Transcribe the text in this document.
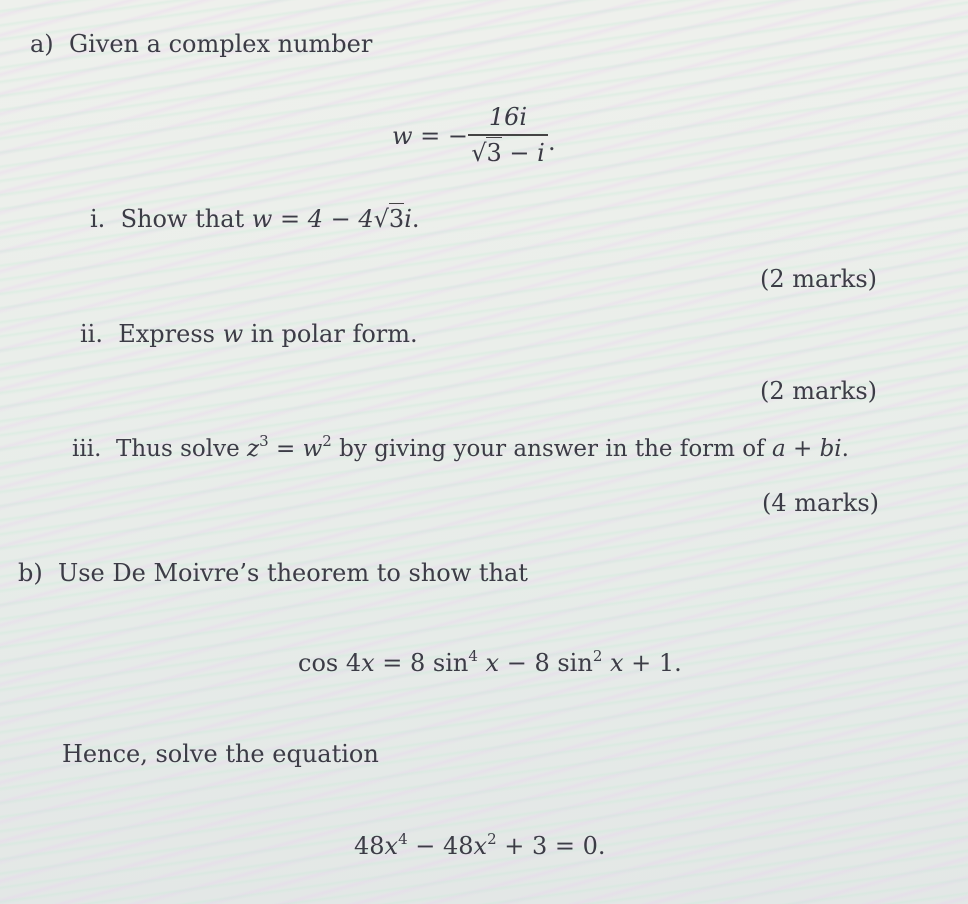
a) Given a complex number
w = −
16i
√3 − i .
i. Show that w = 4 − 4√3i.
(2 marks)
ii. Express w in polar form.
(2 marks)
iii. Thus solve $z^3 = w^2$ by giving your answer in the form of a + bi.
(4 marks)
b) Use De Moivre’s theorem to show that
cos 4x = 8 $\sin^4 x - 8$ $\sin^2 x + 1$.
Hence, solve the equation
$48x^4 - 48x^2 + 3 = 0$.
